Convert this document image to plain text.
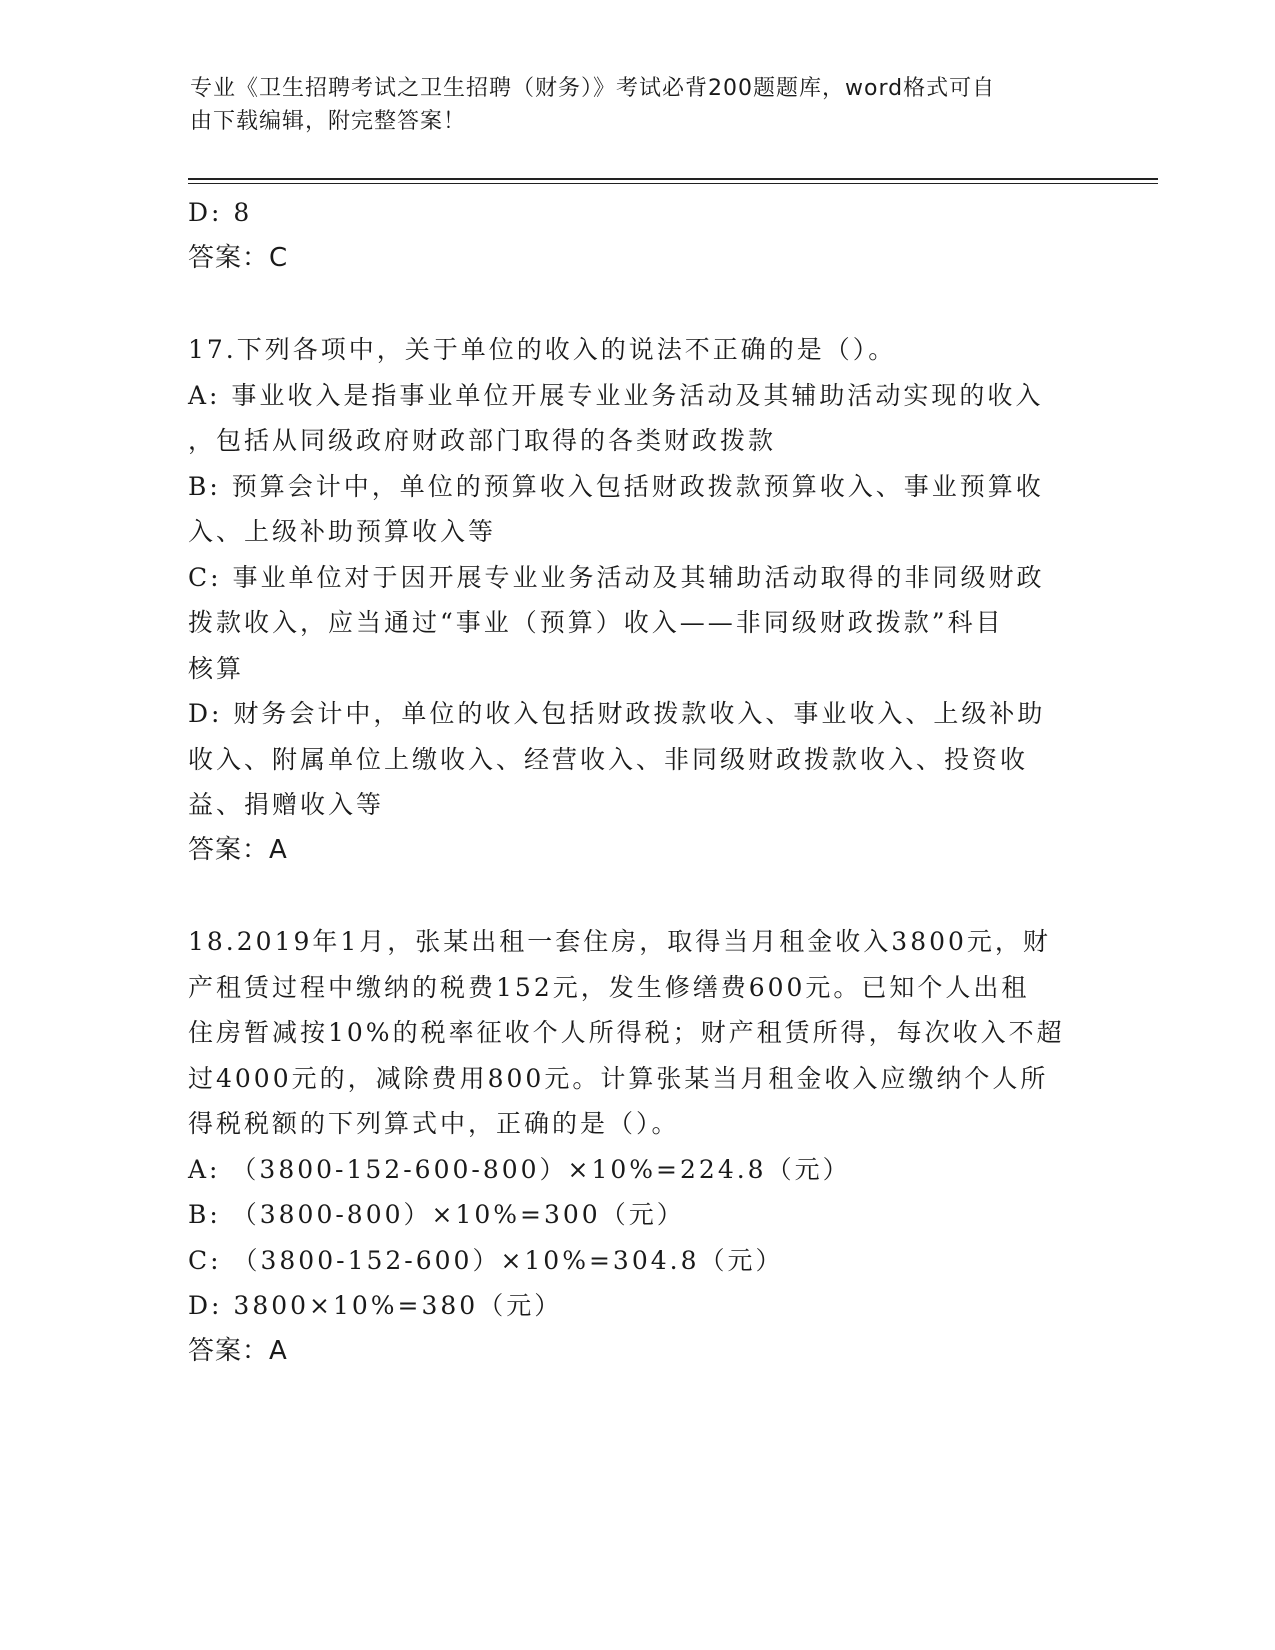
专业《卫生招聘考试之卫生招聘（财务）》考试必背200题题库，word格式可自
由下载编辑，附完整答案！
D: 8
答案：C
17.下列各项中，关于单位的收入的说法不正确的是（）。
A: 事业收入是指事业单位开展专业业务活动及其辅助活动实现的收入
，包括从同级政府财政部门取得的各类财政拨款
B: 预算会计中，单位的预算收入包括财政拨款预算收入、事业预算收
入、上级补助预算收入等
C: 事业单位对于因开展专业业务活动及其辅助活动取得的非同级财政
拨款收入，应当通过“事业（预算）收入——非同级财政拨款”科目
核算
D: 财务会计中，单位的收入包括财政拨款收入、事业收入、上级补助
收入、附属单位上缴收入、经营收入、非同级财政拨款收入、投资收
益、捐赠收入等
答案：A
18.2019年1月，张某出租一套住房，取得当月租金收入3800元，财
产租赁过程中缴纳的税费152元，发生修缮费600元。已知个人出租
住房暂减按10%的税率征收个人所得税；财产租赁所得，每次收入不超
过4000元的，减除费用800元。计算张某当月租金收入应缴纳个人所
得税税额的下列算式中，正确的是（）。
A: （3800-152-600-800）×10%=224.8（元）
B: （3800-800）×10%=300（元）
C: （3800-152-600）×10%=304.8（元）
D: 3800×10%=380（元）
答案：A
